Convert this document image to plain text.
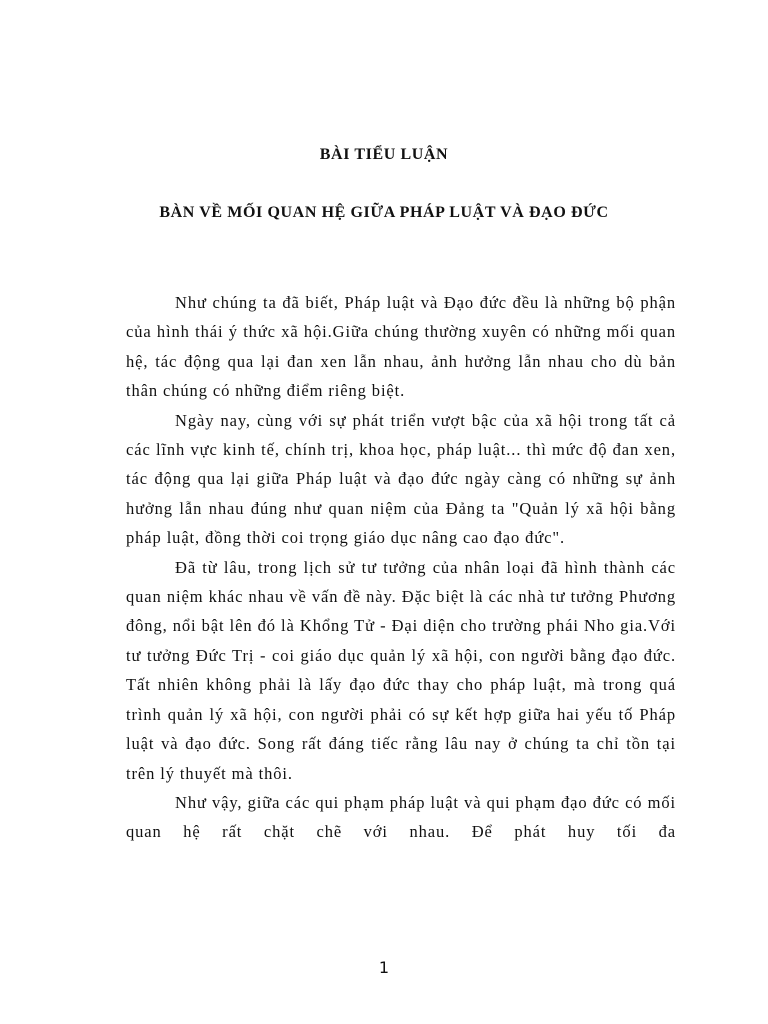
BÀI TIỂU LUẬN
BÀN VỀ MỐI QUAN HỆ GIỮA PHÁP LUẬT VÀ ĐẠO ĐỨC

Như chúng ta đã biết, Pháp luật và Đạo đức đều là những bộ phận của hình thái ý thức xã hội.Giữa chúng thường xuyên có những mối quan hệ, tác động qua lại đan xen lẫn nhau, ảnh hưởng lẫn nhau cho dù bản thân chúng có những điểm riêng biệt.

Ngày nay, cùng với sự phát triển vượt bậc của xã hội trong tất cả các lĩnh vực kinh tế, chính trị, khoa học, pháp luật... thì mức độ đan xen, tác động qua lại giữa Pháp luật và đạo đức ngày càng có những sự ảnh hưởng lẫn nhau đúng như quan niệm của Đảng ta "Quản lý xã hội bằng pháp luật, đồng thời coi trọng giáo dục nâng cao đạo đức".

Đã từ lâu, trong lịch sử tư tưởng của nhân loại đã hình thành các quan niệm khác nhau về vấn đề này. Đặc biệt là các nhà tư tưởng Phương đông, nổi bật lên đó là Khổng Tử - Đại diện cho trường phái Nho gia.Với tư tưởng Đức Trị - coi giáo dục quản lý xã hội, con người bằng đạo đức. Tất nhiên không phải là lấy đạo đức thay cho pháp luật, mà trong quá trình quản lý xã hội, con người phải có sự kết hợp giữa hai yếu tố Pháp luật và đạo đức. Song rất đáng tiếc rằng lâu nay ở chúng ta chỉ tồn tại trên lý thuyết mà thôi.

Như vậy, giữa các qui phạm pháp luật và qui phạm đạo đức có mối quan hệ rất chặt chẽ với nhau. Để phát huy tối đa

1
